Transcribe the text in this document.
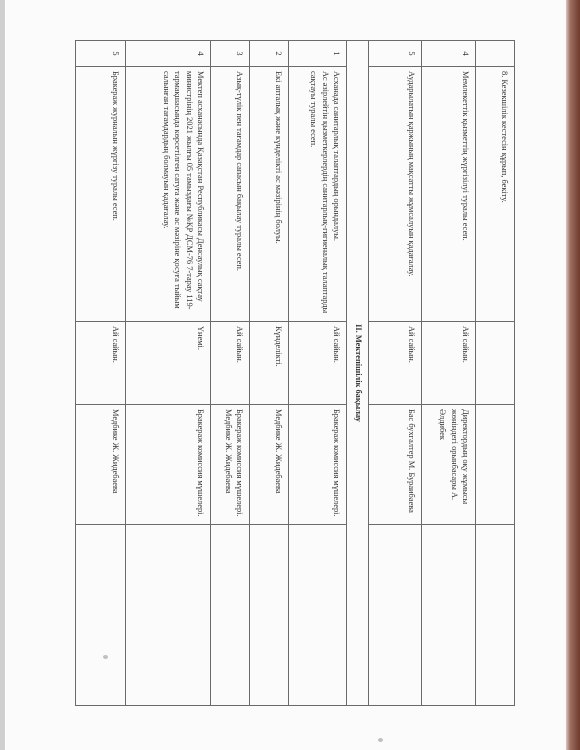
	8. Кезекшілік кестесін құрып, бекіту.			
4	Мемлекеттік қызметтің жүргізілуі туралы есеп.	Ай сайын.	Директордың оқу жұмысы жөніндегі орынбасары А. Әлдибек	
5	Аударылатын қаржының мақсатты жұмсалуын қадағалау.	Ай сайын.	Бас бухгалтер М. Бураибаева	
II. Мектепішілік бақылау				
1	Асханада санитарлық талаптардың орындалуы.
Ас әзірлейтін қызметкерлердің санитарлық-гигиеналық талаптарды сақтауы туралы есеп.	Ай сайын.	Бракераж комиссия мүшелері.	
2	Екі апталық және күнделікті ас мәзірінің болуы.	Күнделікті.	Медбике Ж. Жидебаева	
3	Азық-түлік пен тағамдар сапасын бақылау туралы есеп.	Ай сайын.	Бракераж комиссия мүшелері.
Медбике Ж. Жидебаева	
4	Мектеп асханасында Қазақстан Республикасы Денсаулық сақтау министрінің 2021 жылғы 05 тамыздағы №ҚР ДСМ-76 7-тарау 119-тармақшасында көрсетілген сатуға және ас мәзіріне қосуға тыйым салынған тағамдардың болмауын қадағалау.	Үнемі.	Бракераж комиссия мүшелері.	
5	Бракераж журналын жүргізу туралы есеп.	Ай сайын.	Медбике Ж. Жидебаева	
